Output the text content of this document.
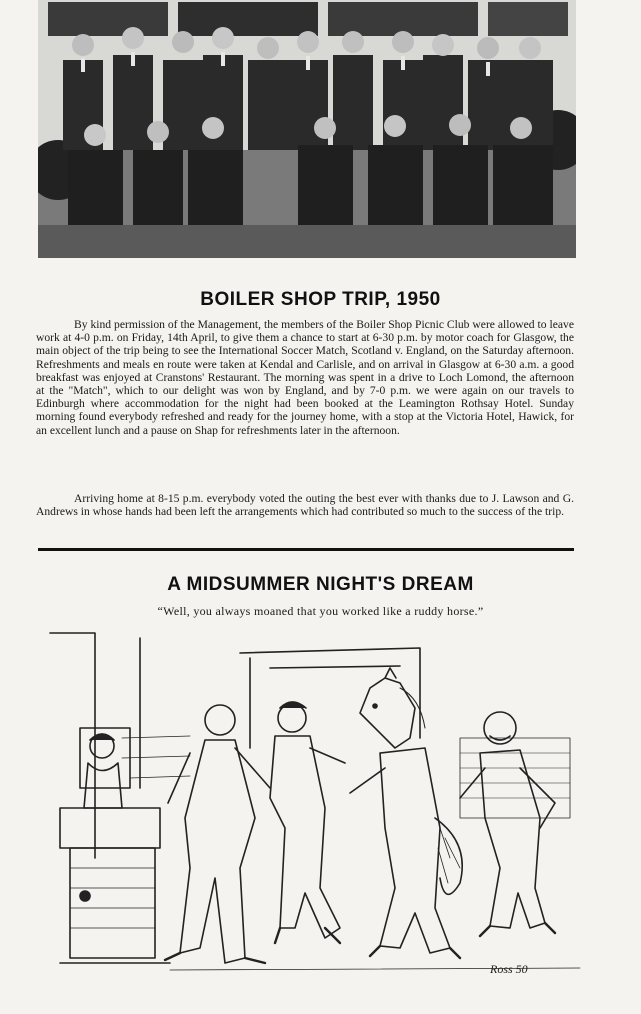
BOILER SHOP TRIP, 1950

By kind permission of the Management, the members of the Boiler Shop Picnic Club were allowed to leave work at 4-0 p.m. on Friday, 14th April, to give them a chance to start at 6-30 p.m. by motor coach for Glasgow, the main object of the trip being to see the International Soccer Match, Scotland v. England, on the Saturday afternoon. Refreshments and meals en route were taken at Kendal and Carlisle, and on arrival in Glasgow at 6-30 a.m. a good breakfast was enjoyed at Cranstons' Restaurant. The morning was spent in a drive to Loch Lomond, the afternoon at the "Match", which to our delight was won by England, and by 7-0 p.m. we were again on our travels to Edinburgh where accommodation for the night had been booked at the Leamington Rothsay Hotel. Sunday morning found everybody refreshed and ready for the journey home, with a stop at the Victoria Hotel, Hawick, for an excellent lunch and a pause on Shap for refreshments later in the afternoon.

Arriving home at 8-15 p.m. everybody voted the outing the best ever with thanks due to J. Lawson and G. Andrews in whose hands had been left the arrangements which had contributed so much to the success of the trip.

A MIDSUMMER NIGHT'S DREAM
“Well, you always moaned that you worked like a ruddy horse.”
Ross 50
